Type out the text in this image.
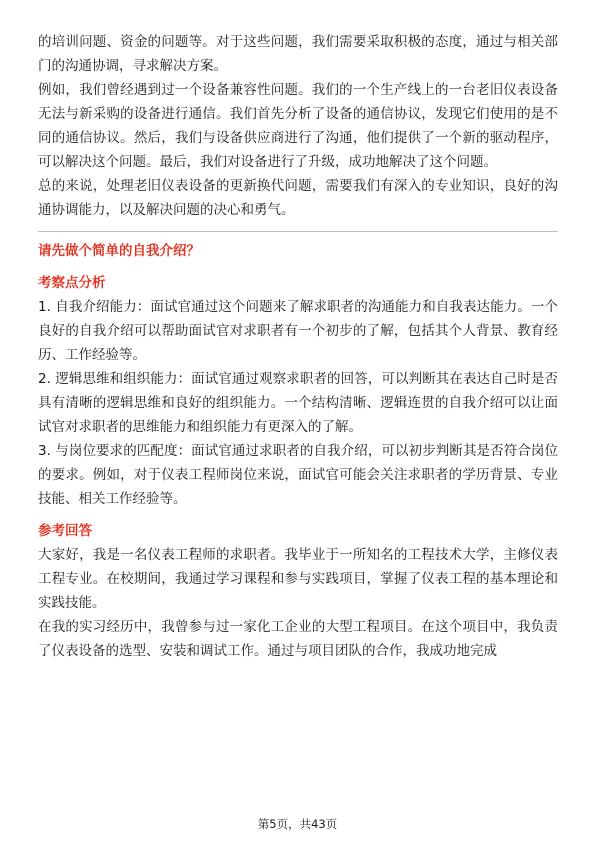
的培训问题、资金的问题等。对于这些问题，我们需要采取积极的态度，通过与相关部门的沟通协调，寻求解决方案。

例如，我们曾经遇到过一个设备兼容性问题。我们的一个生产线上的一台老旧仪表设备无法与新采购的设备进行通信。我们首先分析了设备的通信协议，发现它们使用的是不同的通信协议。然后，我们与设备供应商进行了沟通，他们提供了一个新的驱动程序，可以解决这个问题。最后，我们对设备进行了升级，成功地解决了这个问题。

总的来说，处理老旧仪表设备的更新换代问题，需要我们有深入的专业知识，良好的沟通协调能力，以及解决问题的决心和勇气。

请先做个简单的自我介绍？

考察点分析

1. 自我介绍能力：面试官通过这个问题来了解求职者的沟通能力和自我表达能力。一个良好的自我介绍可以帮助面试官对求职者有一个初步的了解，包括其个人背景、教育经历、工作经验等。

2. 逻辑思维和组织能力：面试官通过观察求职者的回答，可以判断其在表达自己时是否具有清晰的逻辑思维和良好的组织能力。一个结构清晰、逻辑连贯的自我介绍可以让面试官对求职者的思维能力和组织能力有更深入的了解。

3. 与岗位要求的匹配度：面试官通过求职者的自我介绍，可以初步判断其是否符合岗位的要求。例如，对于仪表工程师岗位来说，面试官可能会关注求职者的学历背景、专业技能、相关工作经验等。

参考回答

大家好，我是一名仪表工程师的求职者。我毕业于一所知名的工程技术大学，主修仪表工程专业。在校期间，我通过学习课程和参与实践项目，掌握了仪表工程的基本理论和实践技能。

在我的实习经历中，我曾参与过一家化工企业的大型工程项目。在这个项目中，我负责了仪表设备的选型、安装和调试工作。通过与项目团队的合作，我成功地完成

第5页，共43页
